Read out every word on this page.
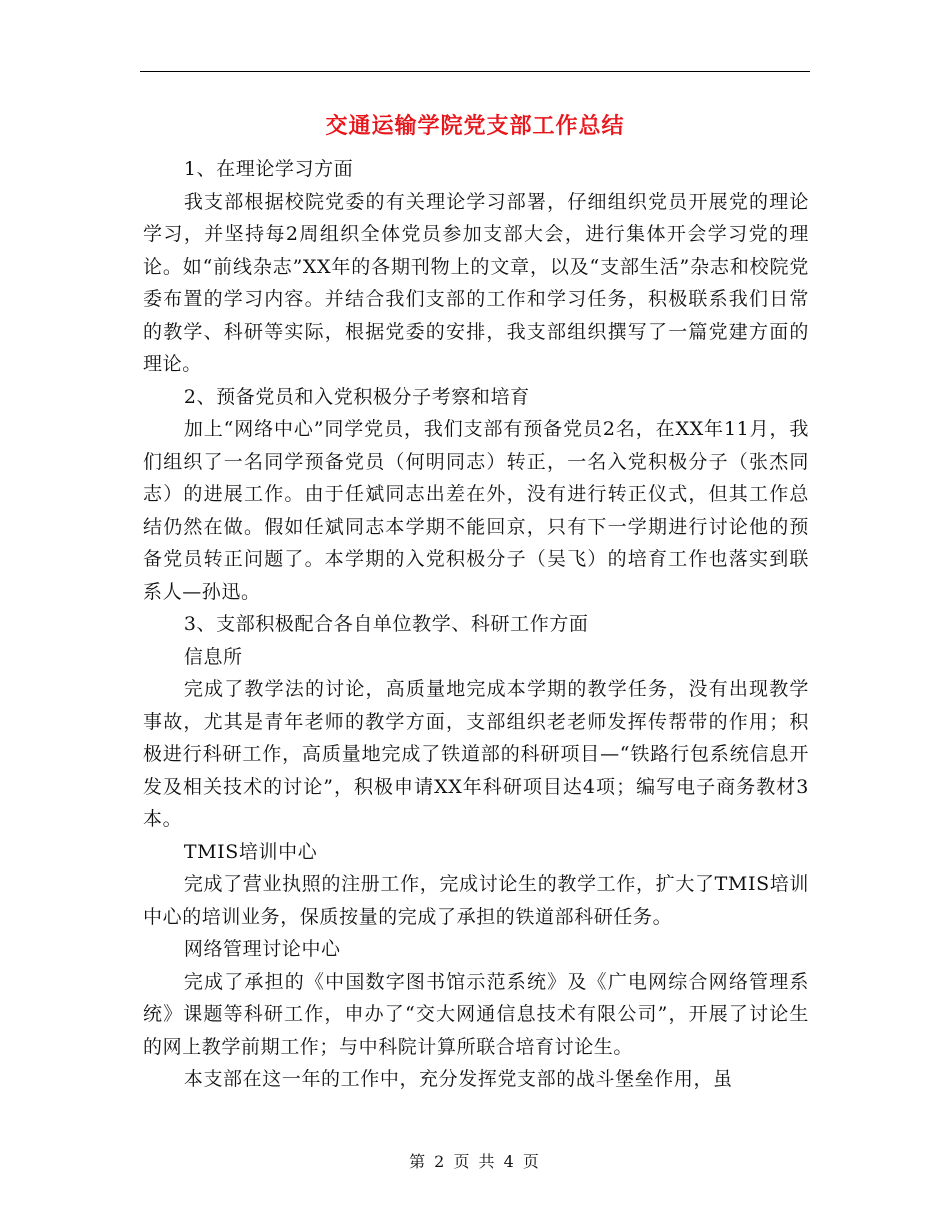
交通运输学院党支部工作总结

1、在理论学习方面

我支部根据校院党委的有关理论学习部署，仔细组织党员开展党的理论学习，并坚持每2周组织全体党员参加支部大会，进行集体开会学习党的理论。如“前线杂志”XX年的各期刊物上的文章，以及“支部生活”杂志和校院党委布置的学习内容。并结合我们支部的工作和学习任务，积极联系我们日常的教学、科研等实际，根据党委的安排，我支部组织撰写了一篇党建方面的理论。

2、预备党员和入党积极分子考察和培育

加上“网络中心”同学党员，我们支部有预备党员2名，在XX年11月，我们组织了一名同学预备党员（何明同志）转正，一名入党积极分子（张杰同志）的进展工作。由于任斌同志出差在外，没有进行转正仪式，但其工作总结仍然在做。假如任斌同志本学期不能回京，只有下一学期进行讨论他的预备党员转正问题了。本学期的入党积极分子（吴飞）的培育工作也落实到联系人—孙迅。

3、支部积极配合各自单位教学、科研工作方面

信息所

完成了教学法的讨论，高质量地完成本学期的教学任务，没有出现教学事故，尤其是青年老师的教学方面，支部组织老老师发挥传帮带的作用；积极进行科研工作，高质量地完成了铁道部的科研项目—“铁路行包系统信息开发及相关技术的讨论”，积极申请XX年科研项目达4项；编写电子商务教材3本。

TMIS培训中心

完成了营业执照的注册工作，完成讨论生的教学工作，扩大了TMIS培训中心的培训业务，保质按量的完成了承担的铁道部科研任务。

网络管理讨论中心

完成了承担的《中国数字图书馆示范系统》及《广电网综合网络管理系统》课题等科研工作，申办了“交大网通信息技术有限公司”，开展了讨论生的网上教学前期工作；与中科院计算所联合培育讨论生。

本支部在这一年的工作中，充分发挥党支部的战斗堡垒作用，虽

第 2 页 共 4 页
